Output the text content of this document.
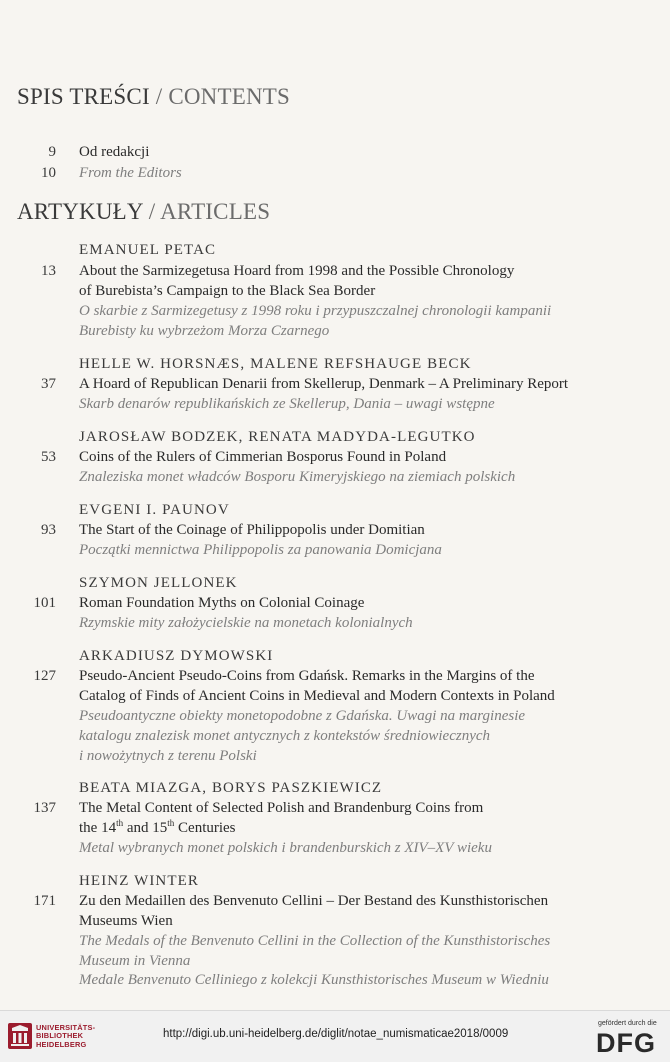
SPIS TREŚCI / CONTENTS
9 Od redakcji
10 From the Editors
ARTYKUŁY / ARTICLES
EMANUEL PETAC
13 About the Sarmizegetusa Hoard from 1998 and the Possible Chronology
of Burebista’s Campaign to the Black Sea Border
O skarbie z Sarmizegetusy z 1998 roku i przypuszczalnej chronologii kampanii
Burebisty ku wybrzeżom Morza Czarnego
HELLE W. HORSNÆS, MALENE REFSHAUGE BECK
37 A Hoard of Republican Denarii from Skellerup, Denmark – A Preliminary Report
Skarb denarów republikańskich ze Skellerup, Dania – uwagi wstępne
JAROSŁAW BODZEK, RENATA MADYDA-LEGUTKO
53 Coins of the Rulers of Cimmerian Bosporus Found in Poland
Znaleziska monet władców Bosporu Kimeryjskiego na ziemiach polskich
EVGENI I. PAUNOV
93 The Start of the Coinage of Philippopolis under Domitian
Początki mennictwa Philippopolis za panowania Domicjana
SZYMON JELLONEK
101 Roman Foundation Myths on Colonial Coinage
Rzymskie mity założycielskie na monetach kolonialnych
ARKADIUSZ DYMOWSKI
127 Pseudo-Ancient Pseudo-Coins from Gdańsk. Remarks in the Margins of the
Catalog of Finds of Ancient Coins in Medieval and Modern Contexts in Poland
Pseudoantyczne obiekty monetopodobne z Gdańska. Uwagi na marginesie
katalogu znalezisk monet antycznych z kontekstów średniowiecznych
i nowożytnych z terenu Polski
BEATA MIAZGA, BORYS PASZKIEWICZ
137 The Metal Content of Selected Polish and Brandenburg Coins from
the 14th and 15th Centuries
Metal wybranych monet polskich i brandenburskich z XIV–XV wieku
HEINZ WINTER
171 Zu den Medaillen des Benvenuto Cellini – Der Bestand des Kunsthistorischen
Museums Wien
The Medals of the Benvenuto Cellini in the Collection of the Kunsthistorisches
Museum in Vienna
Medale Benvenuto Celliniego z kolekcji Kunsthistorisches Museum w Wiedniu
UNIVERSITÄTS-
BIBLIOTHEK
HEIDELBERG
http://digi.ub.uni-heidelberg.de/diglit/notae_numismaticae2018/0009
gefördert durch die
DFG
